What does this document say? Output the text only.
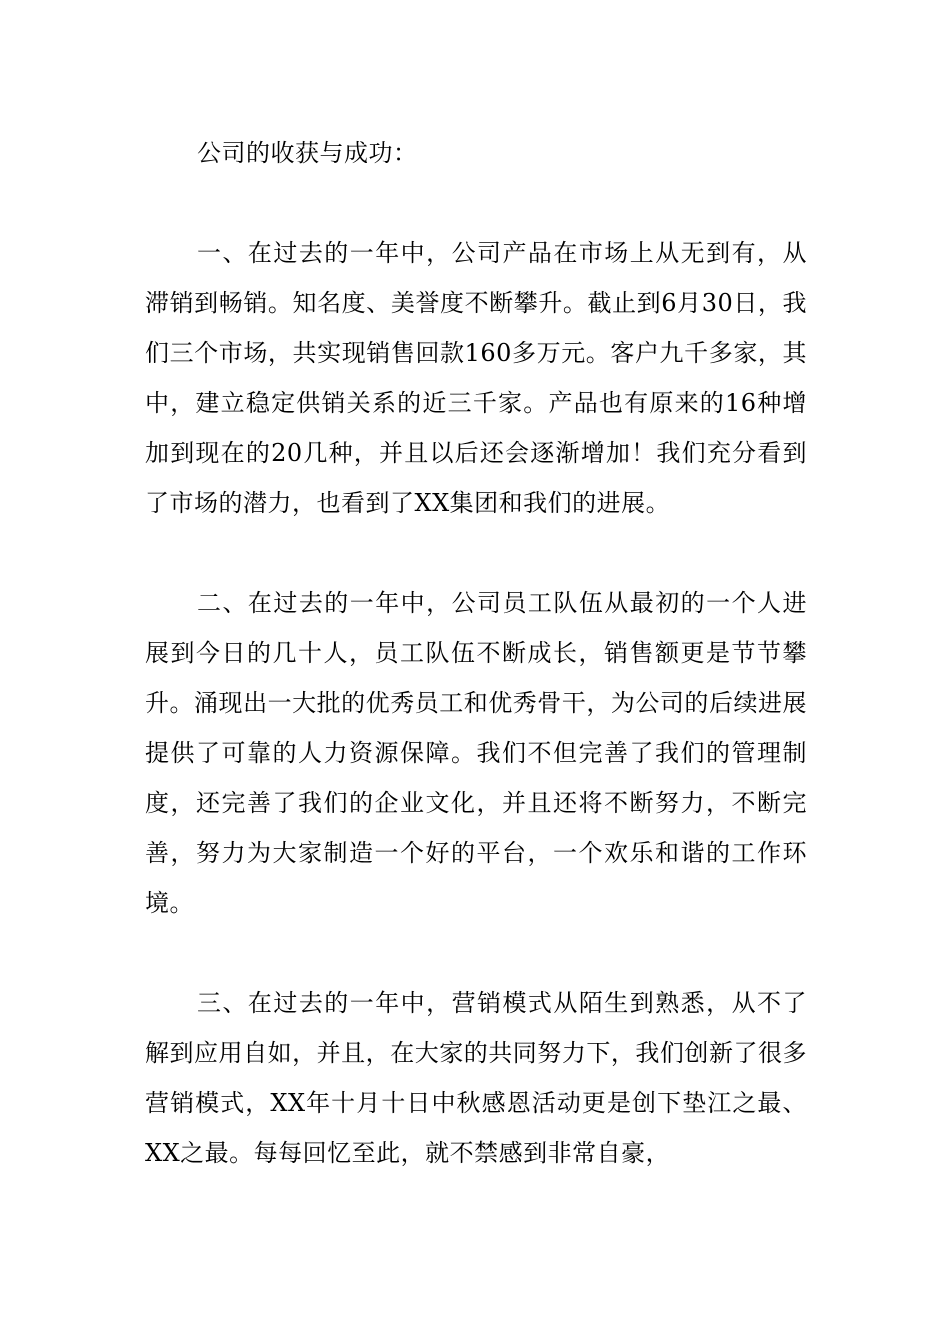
公司的收获与成功：

一、在过去的一年中，公司产品在市场上从无到有，从滞销到畅销。知名度、美誉度不断攀升。截止到6月30日，我们三个市场，共实现销售回款160多万元。客户九千多家，其中，建立稳定供销关系的近三千家。产品也有原来的16种增加到现在的20几种，并且以后还会逐渐增加！我们充分看到了市场的潜力，也看到了XX集团和我们的进展。

二、在过去的一年中，公司员工队伍从最初的一个人进展到今日的几十人，员工队伍不断成长，销售额更是节节攀升。涌现出一大批的优秀员工和优秀骨干，为公司的后续进展提供了可靠的人力资源保障。我们不但完善了我们的管理制度，还完善了我们的企业文化，并且还将不断努力，不断完善，努力为大家制造一个好的平台，一个欢乐和谐的工作环境。

三、在过去的一年中，营销模式从陌生到熟悉，从不了解到应用自如，并且，在大家的共同努力下，我们创新了很多营销模式，XX年十月十日中秋感恩活动更是创下垫江之最、XX之最。每每回忆至此，就不禁感到非常自豪，
